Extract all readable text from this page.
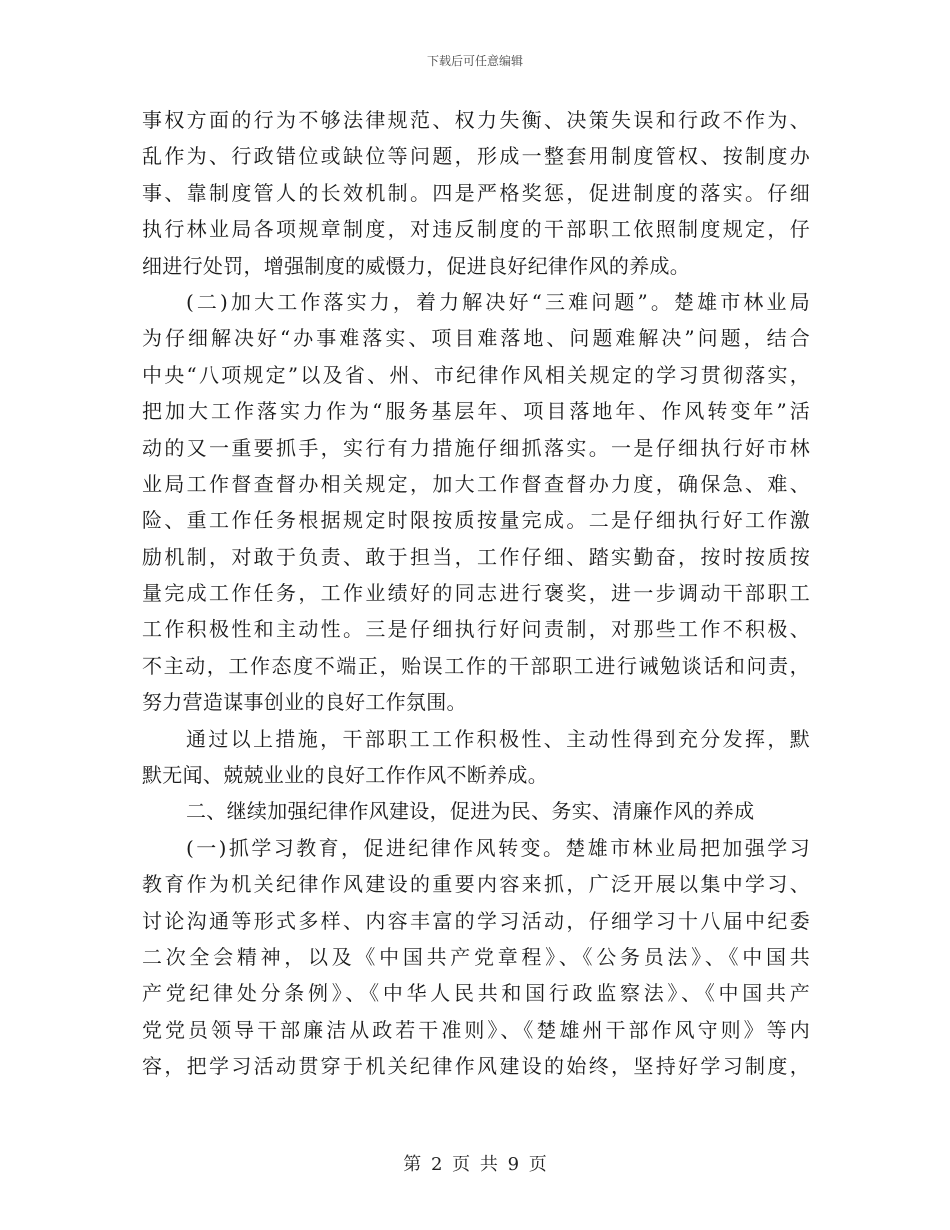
下载后可任意编辑
事权方面的行为不够法律规范、权力失衡、决策失误和行政不作为、
乱作为、行政错位或缺位等问题，形成一整套用制度管权、按制度办
事、靠制度管人的长效机制。四是严格奖惩，促进制度的落实。仔细
执行林业局各项规章制度，对违反制度的干部职工依照制度规定，仔
细进行处罚，增强制度的威慑力，促进良好纪律作风的养成。
(二)加大工作落实力，着力解决好“三难问题”。楚雄市林业局
为仔细解决好“办事难落实、项目难落地、问题难解决”问题，结合
中央“八项规定”以及省、州、市纪律作风相关规定的学习贯彻落实，
把加大工作落实力作为“服务基层年、项目落地年、作风转变年”活
动的又一重要抓手，实行有力措施仔细抓落实。一是仔细执行好市林
业局工作督查督办相关规定，加大工作督查督办力度，确保急、难、
险、重工作任务根据规定时限按质按量完成。二是仔细执行好工作激
励机制，对敢于负责、敢于担当，工作仔细、踏实勤奋，按时按质按
量完成工作任务，工作业绩好的同志进行褒奖，进一步调动干部职工
工作积极性和主动性。三是仔细执行好问责制，对那些工作不积极、
不主动，工作态度不端正，贻误工作的干部职工进行诫勉谈话和问责，
努力营造谋事创业的良好工作氛围。
通过以上措施，干部职工工作积极性、主动性得到充分发挥，默
默无闻、兢兢业业的良好工作作风不断养成。
二、继续加强纪律作风建设，促进为民、务实、清廉作风的养成
(一)抓学习教育，促进纪律作风转变。楚雄市林业局把加强学习
教育作为机关纪律作风建设的重要内容来抓，广泛开展以集中学习、
讨论沟通等形式多样、内容丰富的学习活动，仔细学习十八届中纪委
二次全会精神，以及《中国共产党章程》、《公务员法》、《中国共
产党纪律处分条例》、《中华人民共和国行政监察法》、《中国共产
党党员领导干部廉洁从政若干准则》、《楚雄州干部作风守则》等内
容，把学习活动贯穿于机关纪律作风建设的始终，坚持好学习制度，
第 2 页 共 9 页
